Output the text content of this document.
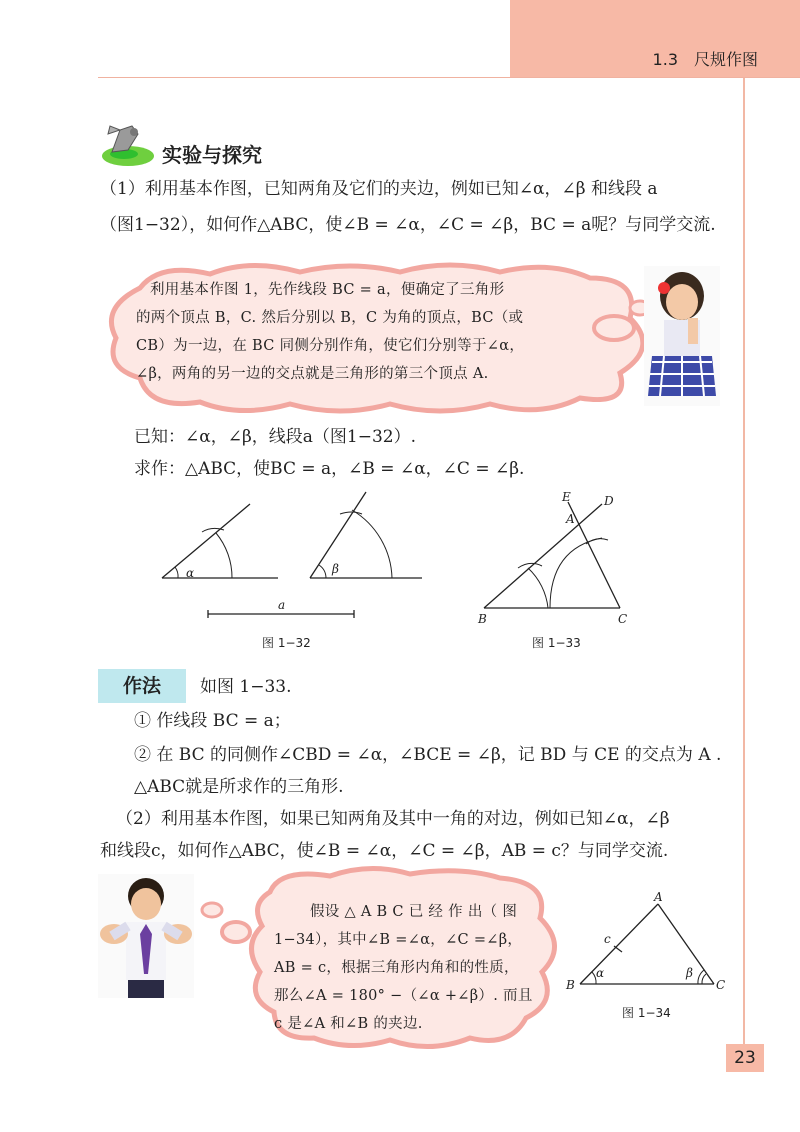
1.3　尺规作图
实验与探究
（1）利用基本作图，已知两角及它们的夹边，例如已知∠α，∠β 和线段 a
（图1−32），如何作△ABC，使∠B = ∠α，∠C = ∠β，BC = a呢？与同学交流.
利用基本作图 1，先作线段 BC = a，便确定了三角形
的两个顶点 B，C. 然后分别以 B，C 为角的顶点，BC（或
CB）为一边，在 BC 同侧分别作角，使它们分别等于∠α，
∠β，两角的另一边的交点就是三角形的第三个顶点 A.
已知：∠α，∠β，线段a（图1−32）.
求作：△ABC，使BC = a，∠B = ∠α，∠C = ∠β.
α	β
a
图 1−32
E	D
A
B	C
图 1−33
作法	如图 1−33.
① 作线段 BC = a；
② 在 BC 的同侧作∠CBD = ∠α，∠BCE = ∠β，记 BD 与 CE 的交点为 A .
△ABC就是所求作的三角形.
（2）利用基本作图，如果已知两角及其中一角的对边，例如已知∠α，∠β
和线段c，如何作△ABC，使∠B = ∠α，∠C = ∠β，AB = c？与同学交流.
假设 △ A B C 已 经 作 出（ 图
1−34），其中∠B =∠α，∠C =∠β，
AB = c，根据三角形内角和的性质，
那么∠A = 180° −（∠α +∠β）. 而且
c 是∠A 和∠B 的夹边.
A
c
α	β
B	C
图 1−34
23
